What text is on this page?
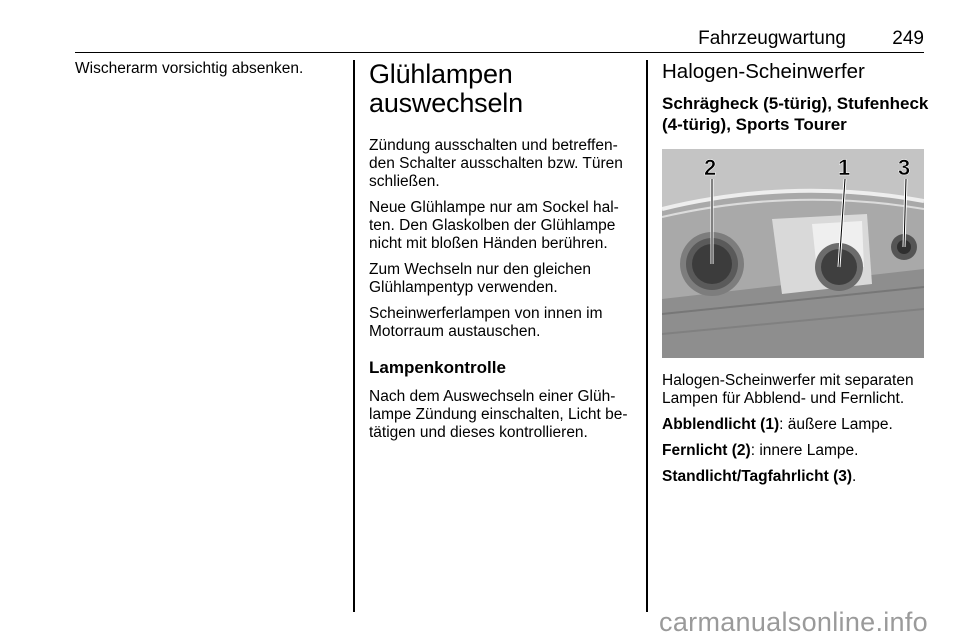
Fahrzeugwartung 249

Wischerarm vorsichtig absenken.	Glühlampen
auswechseln

Zündung ausschalten und betreffen-den Schalter ausschalten bzw. Türen schließen.

Neue Glühlampe nur am Sockel hal-ten. Den Glaskolben der Glühlampe nicht mit bloßen Händen berühren.

Zum Wechseln nur den gleichen Glühlampentyp verwenden.

Scheinwerferlampen von innen im Motorraum austauschen.

Lampenkontrolle

Nach dem Auswechseln einer Glüh-lampe Zündung einschalten, Licht be-tätigen und dieses kontrollieren.

Halogen-Scheinwerfer
Schrägheck (5-türig), Stufenheck (4-türig), Sports Tourer
2	1 3

Halogen-Scheinwerfer mit separaten Lampen für Abblend- und Fernlicht.

Abblendlicht (1): äußere Lampe.

Fernlicht (2): innere Lampe.

Standlicht/Tagfahrlicht (3).

carmanualsonline.info
